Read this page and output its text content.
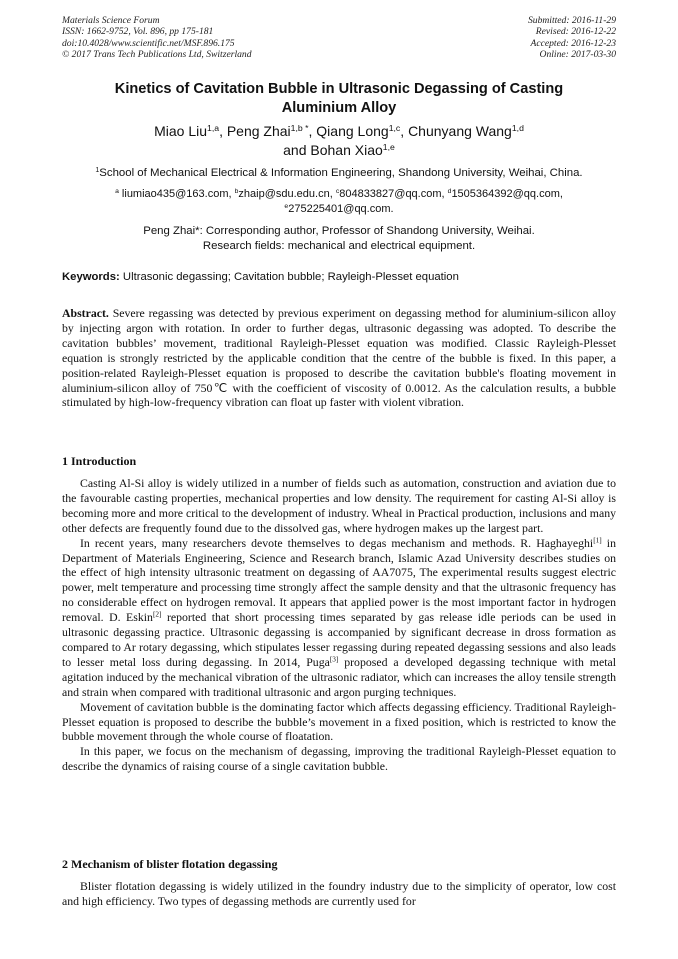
Materials Science Forum
ISSN: 1662-9752, Vol. 896, pp 175-181
doi:10.4028/www.scientific.net/MSF.896.175
© 2017 Trans Tech Publications Ltd, Switzerland
Submitted: 2016-11-29
Revised: 2016-12-22
Accepted: 2016-12-23
Online: 2017-03-30
Kinetics of Cavitation Bubble in Ultrasonic Degassing of Casting
Aluminium Alloy
Miao Liu$^{1,a}$, Peng Zhai$^{1,b *}$, Qiang Long$^{1,c}$, Chunyang Wang$^{1,d}$
and Bohan Xiao$^{1,e}$
$^1$School of Mechanical Electrical & Information Engineering, Shandong University, Weihai, China.
$^a$ liumiao435@163.com, $^b$zhaip@sdu.edu.cn, $^c$804833827@qq.com, $^d$1505364392@qq.com,
$^e$275225401@qq.com.
Peng Zhai*: Corresponding author, Professor of Shandong University, Weihai.
Research fields: mechanical and electrical equipment.
Keywords: Ultrasonic degassing; Cavitation bubble; Rayleigh-Plesset equation

Abstract. Severe regassing was detected by previous experiment on degassing method for aluminium-silicon alloy by injecting argon with rotation. In order to further degas, ultrasonic degassing was adopted. To describe the cavitation bubbles’ movement, traditional Rayleigh-Plesset equation was modified. Classic Rayleigh-Plesset equation is strongly restricted by the applicable condition that the centre of the bubble is fixed. In this paper, a position-related Rayleigh-Plesset equation is proposed to describe the cavitation bubble's floating movement in aluminium-silicon alloy of 750℃ with the coefficient of viscosity of 0.0012. As the calculation results, a bubble stimulated by high-low-frequency vibration can float up faster with violent vibration.

1 Introduction

Casting Al-Si alloy is widely utilized in a number of fields such as automation, construction and aviation due to the favourable casting properties, mechanical properties and low density. The requirement for casting Al-Si alloy is becoming more and more critical to the development of industry. Wheal in Practical production, inclusions and many other defects are frequently found due to the dissolved gas, where hydrogen makes up the largest part.

In recent years, many researchers devote themselves to degas mechanism and methods. R. Haghayeghi[1] in Department of Materials Engineering, Science and Research branch, Islamic Azad University describes studies on the effect of high intensity ultrasonic treatment on degassing of AA7075, The experimental results suggest electric power, melt temperature and processing time strongly affect the sample density and that the ultrasonic frequency has no considerable effect on hydrogen removal. It appears that applied power is the most important factor in hydrogen removal. D. Eskin[2] reported that short processing times separated by gas release idle periods can be used in ultrasonic degassing practice. Ultrasonic degassing is accompanied by significant decrease in dross formation as compared to Ar rotary degassing, which stipulates lesser regassing during repeated degassing sessions and also leads to lesser metal loss during degassing. In 2014, Puga[3] proposed a developed degassing technique with metal agitation induced by the mechanical vibration of the ultrasonic radiator, which can increases the alloy tensile strength and strain when compared with traditional ultrasonic and argon purging techniques.

Movement of cavitation bubble is the dominating factor which affects degassing efficiency. Traditional Rayleigh-Plesset equation is proposed to describe the bubble’s movement in a fixed position, which is restricted to know the bubble movement through the whole course of floatation.

In this paper, we focus on the mechanism of degassing, improving the traditional Rayleigh-Plesset equation to describe the dynamics of raising course of a single cavitation bubble.

2 Mechanism of blister flotation degassing

Blister flotation degassing is widely utilized in the foundry industry due to the simplicity of operator, low cost and high efficiency. Two types of degassing methods are currently used for
